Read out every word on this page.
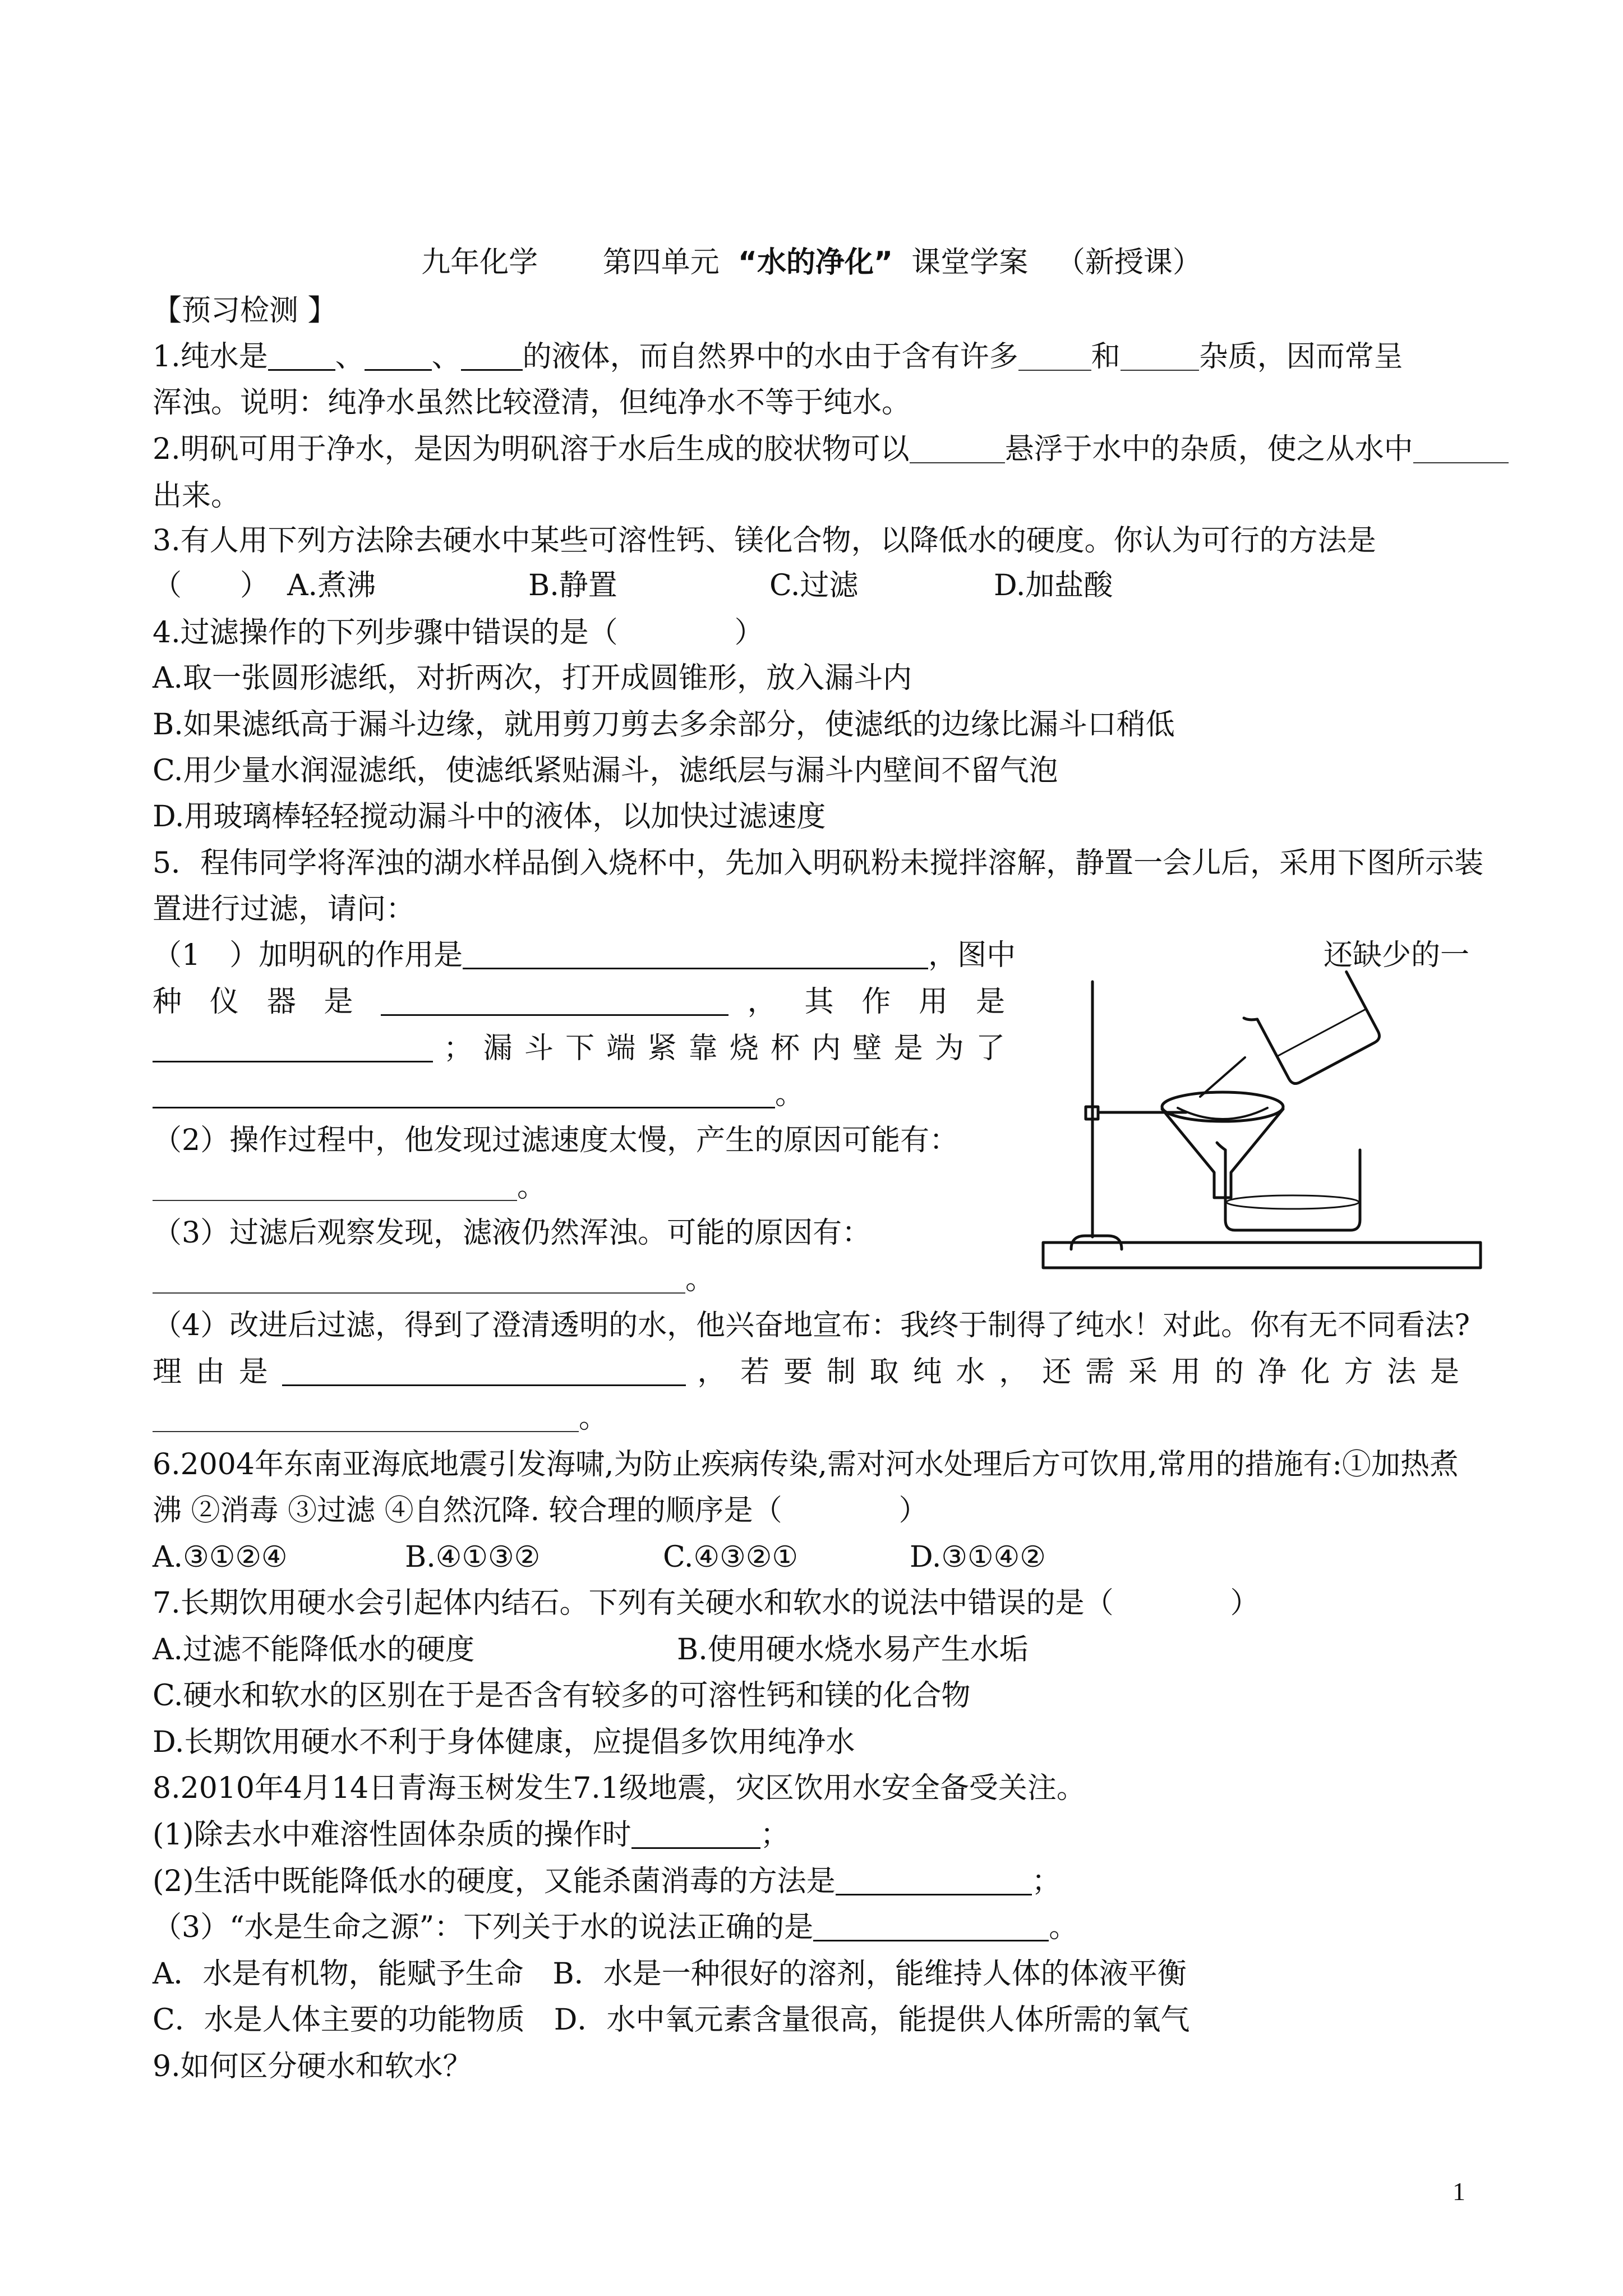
九年化学 第四单元 “水的净化” 课堂学案 （新授课）
【预习检测 】
1.纯水是 、 、 的液体，而自然界中的水由于含有许多	和	杂质，因而常呈
浑浊。说明：纯净水虽然比较澄清，但纯净水不等于纯水。
2.明矾可用于净水，是因为明矾溶于水后生成的胶状物可以	悬浮于水中的杂质，使之从水中
出来。
3.有人用下列方法除去硬水中某些可溶性钙、镁化合物，以降低水的硬度。你认为可行的方法是
（　　） A.煮沸	B.静置	C.过滤	D.加盐酸
4.过滤操作的下列步骤中错误的是（　　　　）
A.取一张圆形滤纸，对折两次，打开成圆锥形，放入漏斗内
B.如果滤纸高于漏斗边缘，就用剪刀剪去多余部分，使滤纸的边缘比漏斗口稍低
C.用少量水润湿滤纸，使滤纸紧贴漏斗，滤纸层与漏斗内壁间不留气泡
D.用玻璃棒轻轻搅动漏斗中的液体，以加快过滤速度
5．程伟同学将浑浊的湖水样品倒入烧杯中，先加入明矾粉未搅拌溶解，静置一会儿后，采用下图所示装
置进行过滤，请问：
（1　）加明矾的作用是	，图中	还缺少的一
种 仪 器 是	， 其 作 用 是
； 漏 斗 下 端 紧 靠 烧 杯 内 壁 是 为 了
。
（2）操作过程中，他发现过滤速度太慢，产生的原因可能有：
。
（3）过滤后观察发现，滤液仍然浑浊。可能的原因有：
。
（4）改进后过滤，得到了澄清透明的水，他兴奋地宣布：我终于制得了纯水！对此。你有无不同看法?
理 由 是	， 若 要 制 取 纯 水 ， 还 需 采 用 的 净 化 方 法 是
。
6.2004年东南亚海底地震引发海啸,为防止疾病传染,需对河水处理后方可饮用,常用的措施有:①加热煮
沸 ②消毒 ③过滤 ④自然沉降. 较合理的顺序是（　　　　）
A.③①②④	B.④①③②	C.④③②①	D.③①④②
7.长期饮用硬水会引起体内结石。下列有关硬水和软水的说法中错误的是（　　　　）
A.过滤不能降低水的硬度	B.使用硬水烧水易产生水垢
C.硬水和软水的区别在于是否含有较多的可溶性钙和镁的化合物
D.长期饮用硬水不利于身体健康，应提倡多饮用纯净水
8.2010年4月14日青海玉树发生7.1级地震，灾区饮用水安全备受关注。
(1)除去水中难溶性固体杂质的操作时	；
(2)生活中既能降低水的硬度，又能杀菌消毒的方法是	；
（3）“水是生命之源”：下列关于水的说法正确的是	。
A．水是有机物，能赋予生命　B．水是一种很好的溶剂，能维持人体的体液平衡
C．水是人体主要的功能物质　D．水中氧元素含量很高，能提供人体所需的氧气
9.如何区分硬水和软水？
1
